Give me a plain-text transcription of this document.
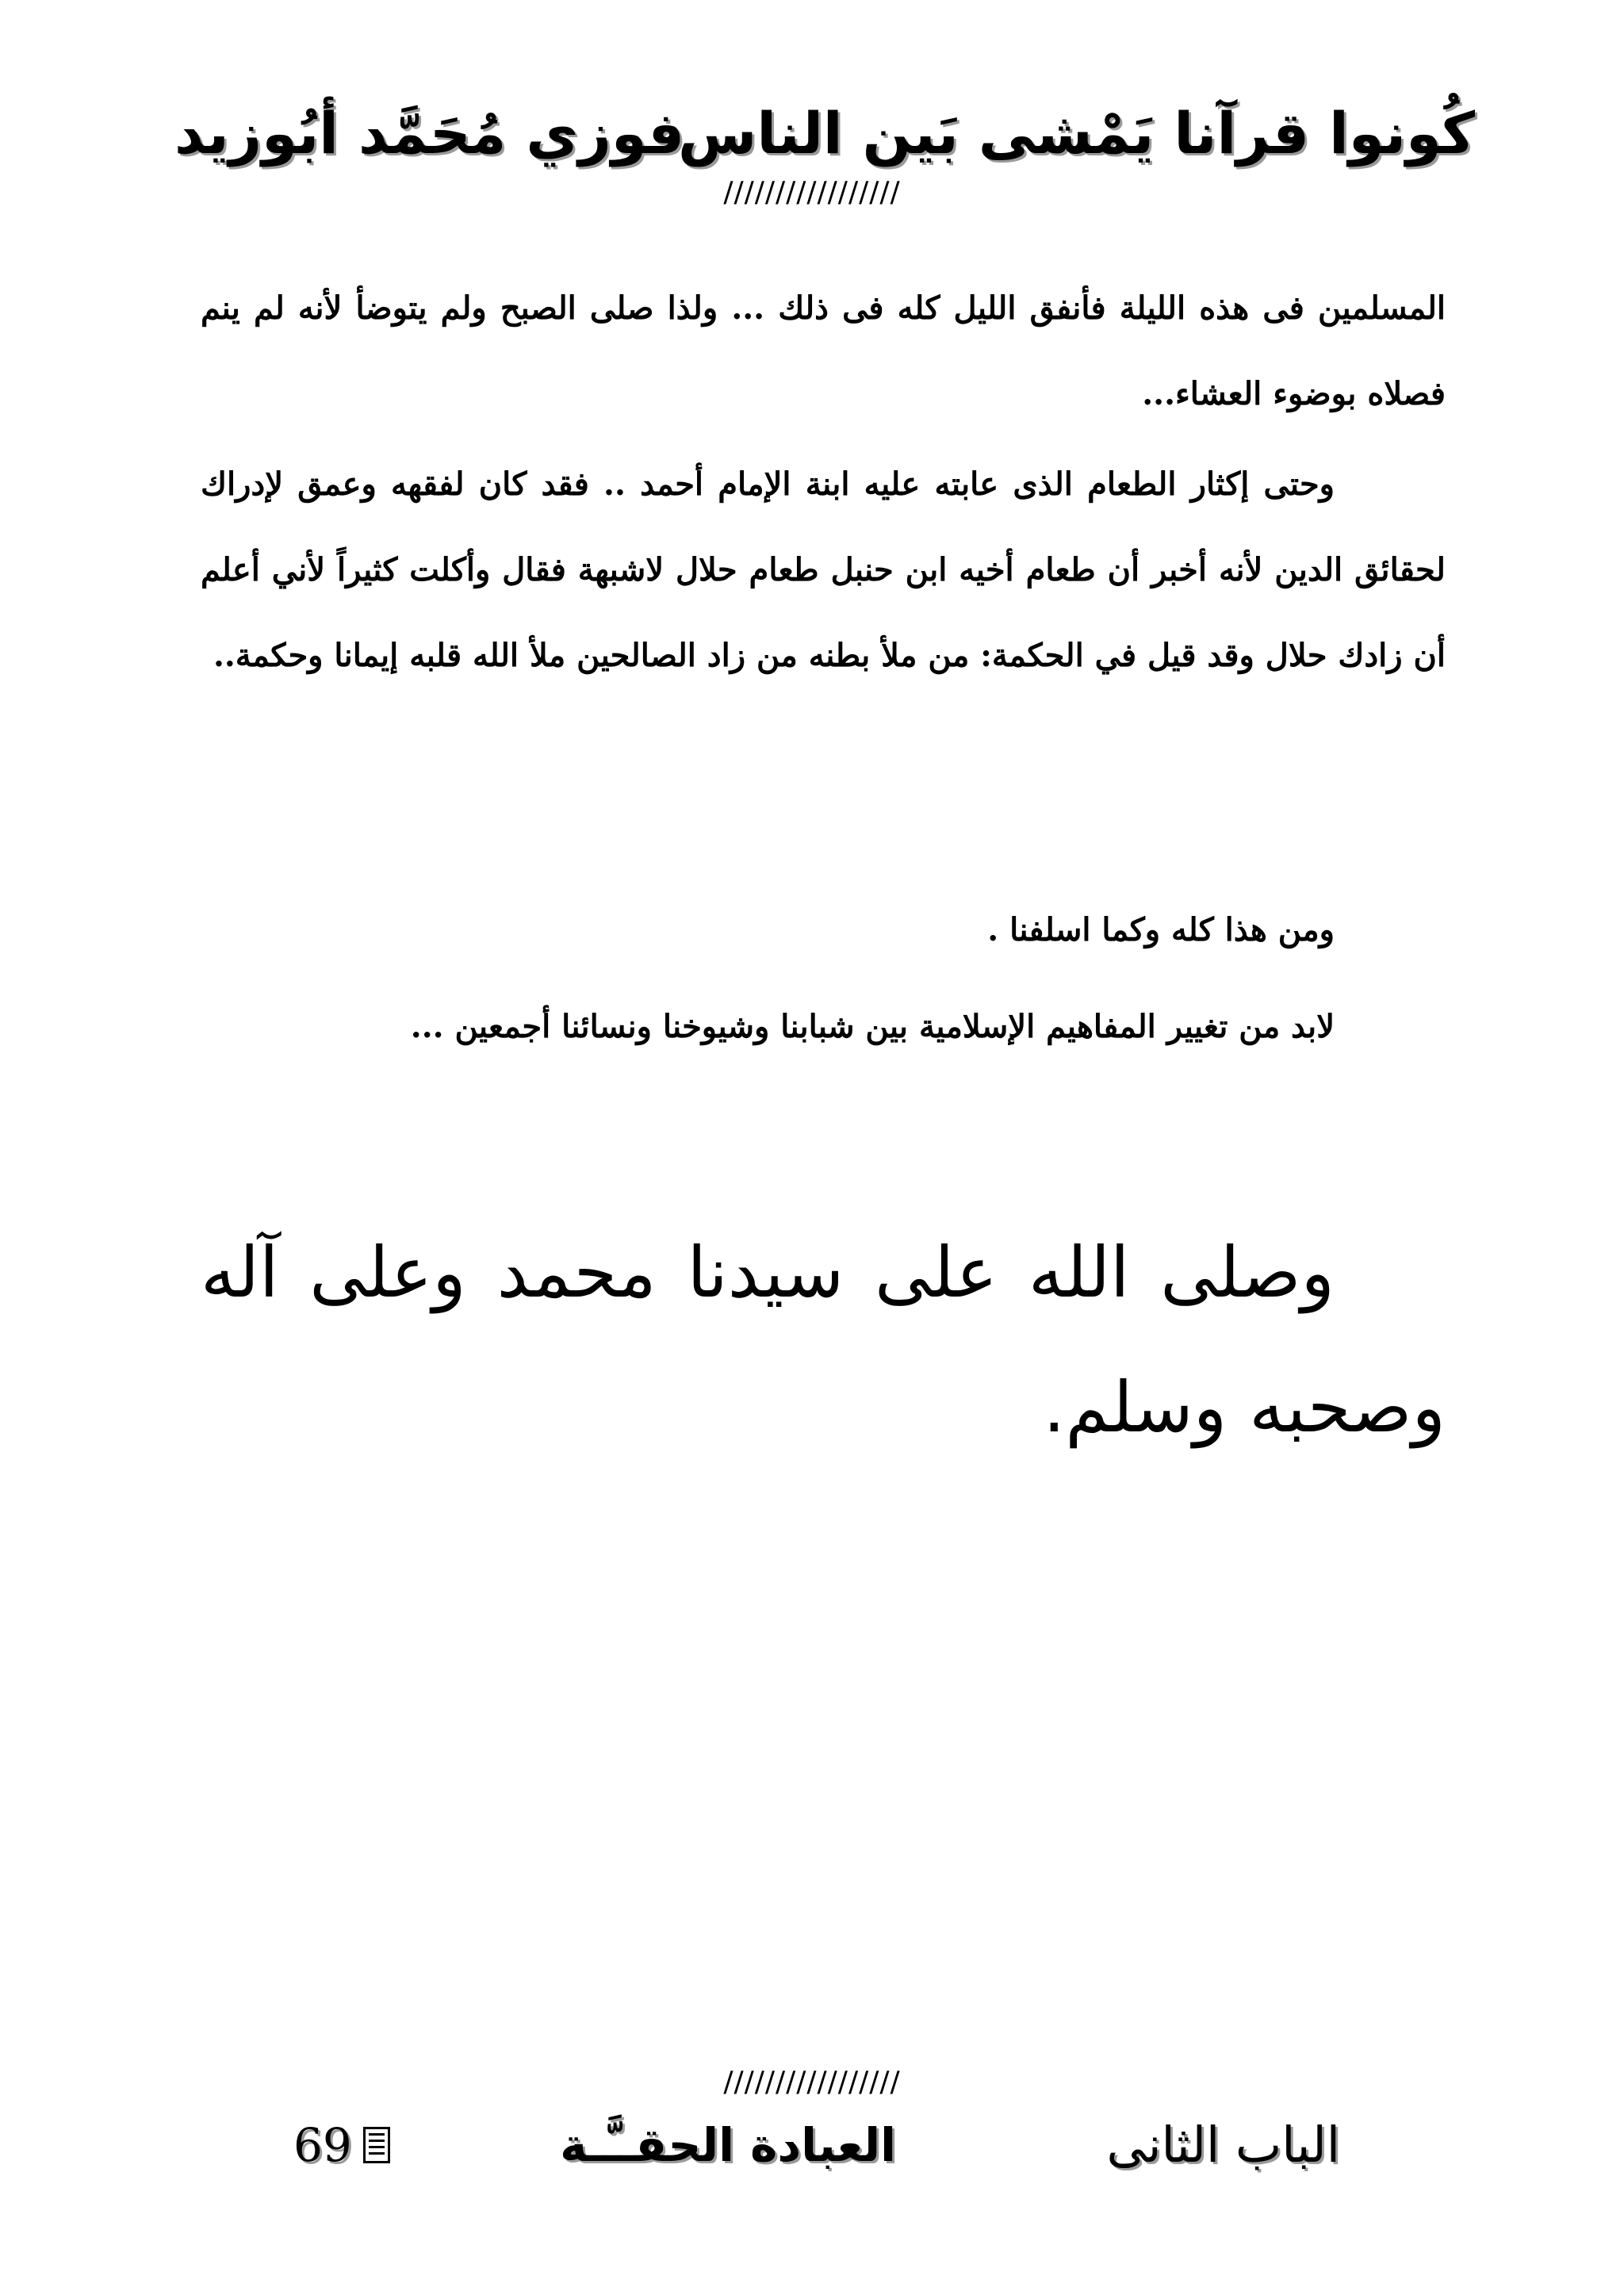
كُونوا قرآنا يَمْشى بَين الناس
فوزي مُحَمَّد أبُوزيد
/////////////////
المسلمين فى هذه الليلة فأنفق الليل كله فى ذلك ... ولذا صلى الصبح ولم يتوضأ لأنه لم ينم فصلاه بوضوء العشاء...
وحتى إكثار الطعام الذى عابته عليه ابنة الإمام أحمد .. فقد كان لفقهه وعمق لإدراك لحقائق الدين لأنه أخبر أن طعام أخيه ابن حنبل طعام حلال لاشبهة فقال وأكلت كثيراً لأني أعلم أن زادك حلال وقد قيل في الحكمة: من ملأ بطنه من زاد الصالحين ملأ الله قلبه إيمانا وحكمة..
ومن هذا كله وكما اسلفنا .
لابد من تغيير المفاهيم الإسلامية بين شبابنا وشيوخنا ونسائنا أجمعين ...
وصلى الله على سيدنا محمد وعلى آله وصحبه وسلم.
/////////////////
الباب الثانى
العبادة الحقــَّـة
69
